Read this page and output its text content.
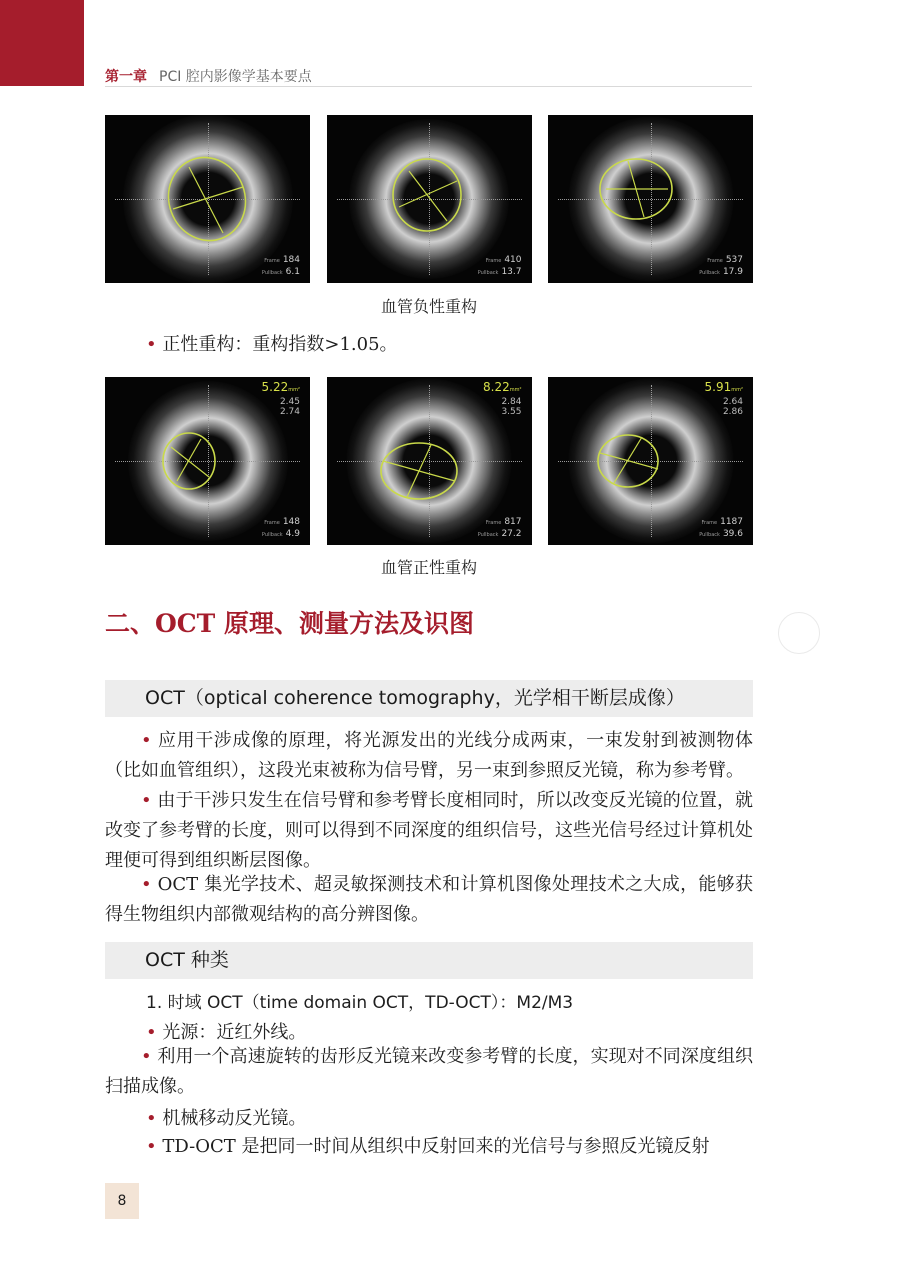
第一章 PCI 腔内影像学基本要点
Frame 184
Pullback 6.1
Frame 410
Pullback 13.7
Frame 537
Pullback 17.9
血管负性重构
• 正性重构：重构指数>1.05。
5.22mm²
2.45
2.74
Frame 148
Pullback 4.9
8.22mm²
2.84
3.55
Frame 817
Pullback 27.2
5.91mm²
2.64
2.86
Frame 1187
Pullback 39.6
血管正性重构
二、OCT 原理、测量方法及识图
OCT（optical coherence tomography，光学相干断层成像）
• 应用干涉成像的原理，将光源发出的光线分成两束，一束发射到被测物体（比如血管组织），这段光束被称为信号臂，另一束到参照反光镜，称为参考臂。
• 由于干涉只发生在信号臂和参考臂长度相同时，所以改变反光镜的位置，就改变了参考臂的长度，则可以得到不同深度的组织信号，这些光信号经过计算机处理便可得到组织断层图像。
• OCT 集光学技术、超灵敏探测技术和计算机图像处理技术之大成，能够获得生物组织内部微观结构的高分辨图像。
OCT 种类
1. 时域 OCT（time domain OCT，TD-OCT）：M2/M3
• 光源：近红外线。
• 利用一个高速旋转的齿形反光镜来改变参考臂的长度，实现对不同深度组织扫描成像。
• 机械移动反光镜。
• TD-OCT 是把同一时间从组织中反射回来的光信号与参照反光镜反射
8
